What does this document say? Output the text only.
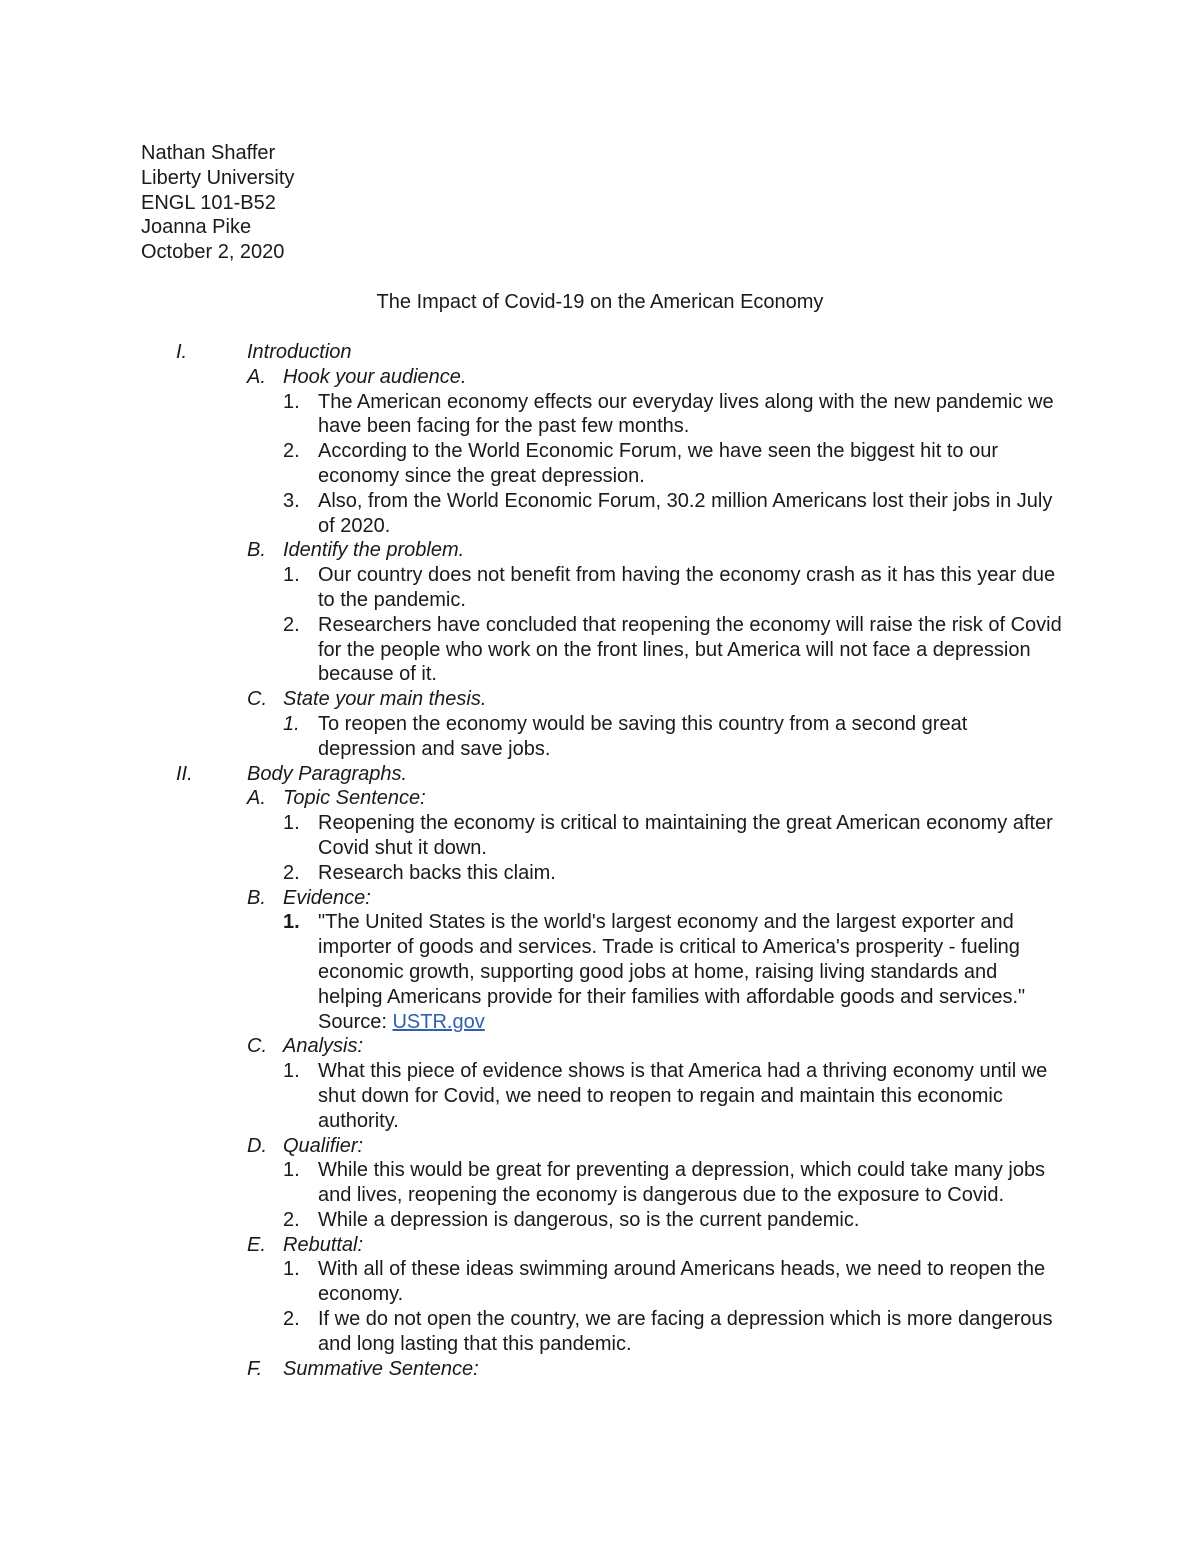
Nathan Shaffer
Liberty University
ENGL 101-B52
Joanna Pike
October 2, 2020
The Impact of Covid-19 on the American Economy
I.	Introduction
A. Hook your audience.
1. The American economy effects our everyday lives along with the new pandemic we have been facing for the past few months.
2. According to the World Economic Forum, we have seen the biggest hit to our economy since the great depression.
3. Also, from the World Economic Forum, 30.2 million Americans lost their jobs in July of 2020.
B. Identify the problem.
1. Our country does not benefit from having the economy crash as it has this year due to the pandemic.
2. Researchers have concluded that reopening the economy will raise the risk of Covid for the people who work on the front lines, but America will not face a depression because of it.
C. State your main thesis.
1. To reopen the economy would be saving this country from a second great depression and save jobs.
II.	Body Paragraphs.
A. Topic Sentence:
1. Reopening the economy is critical to maintaining the great American economy after Covid shut it down.
2. Research backs this claim.
B. Evidence:
1. "The United States is the world's largest economy and the largest exporter and importer of goods and services. Trade is critical to America's prosperity - fueling economic growth, supporting good jobs at home, raising living standards and helping Americans provide for their families with affordable goods and services." Source: USTR.gov
C. Analysis:
1. What this piece of evidence shows is that America had a thriving economy until we shut down for Covid, we need to reopen to regain and maintain this economic authority.
D. Qualifier:
1. While this would be great for preventing a depression, which could take many jobs and lives, reopening the economy is dangerous due to the exposure to Covid.
2. While a depression is dangerous, so is the current pandemic.
E. Rebuttal:
1. With all of these ideas swimming around Americans heads, we need to reopen the economy.
2. If we do not open the country, we are facing a depression which is more dangerous and long lasting that this pandemic.
F. Summative Sentence:
